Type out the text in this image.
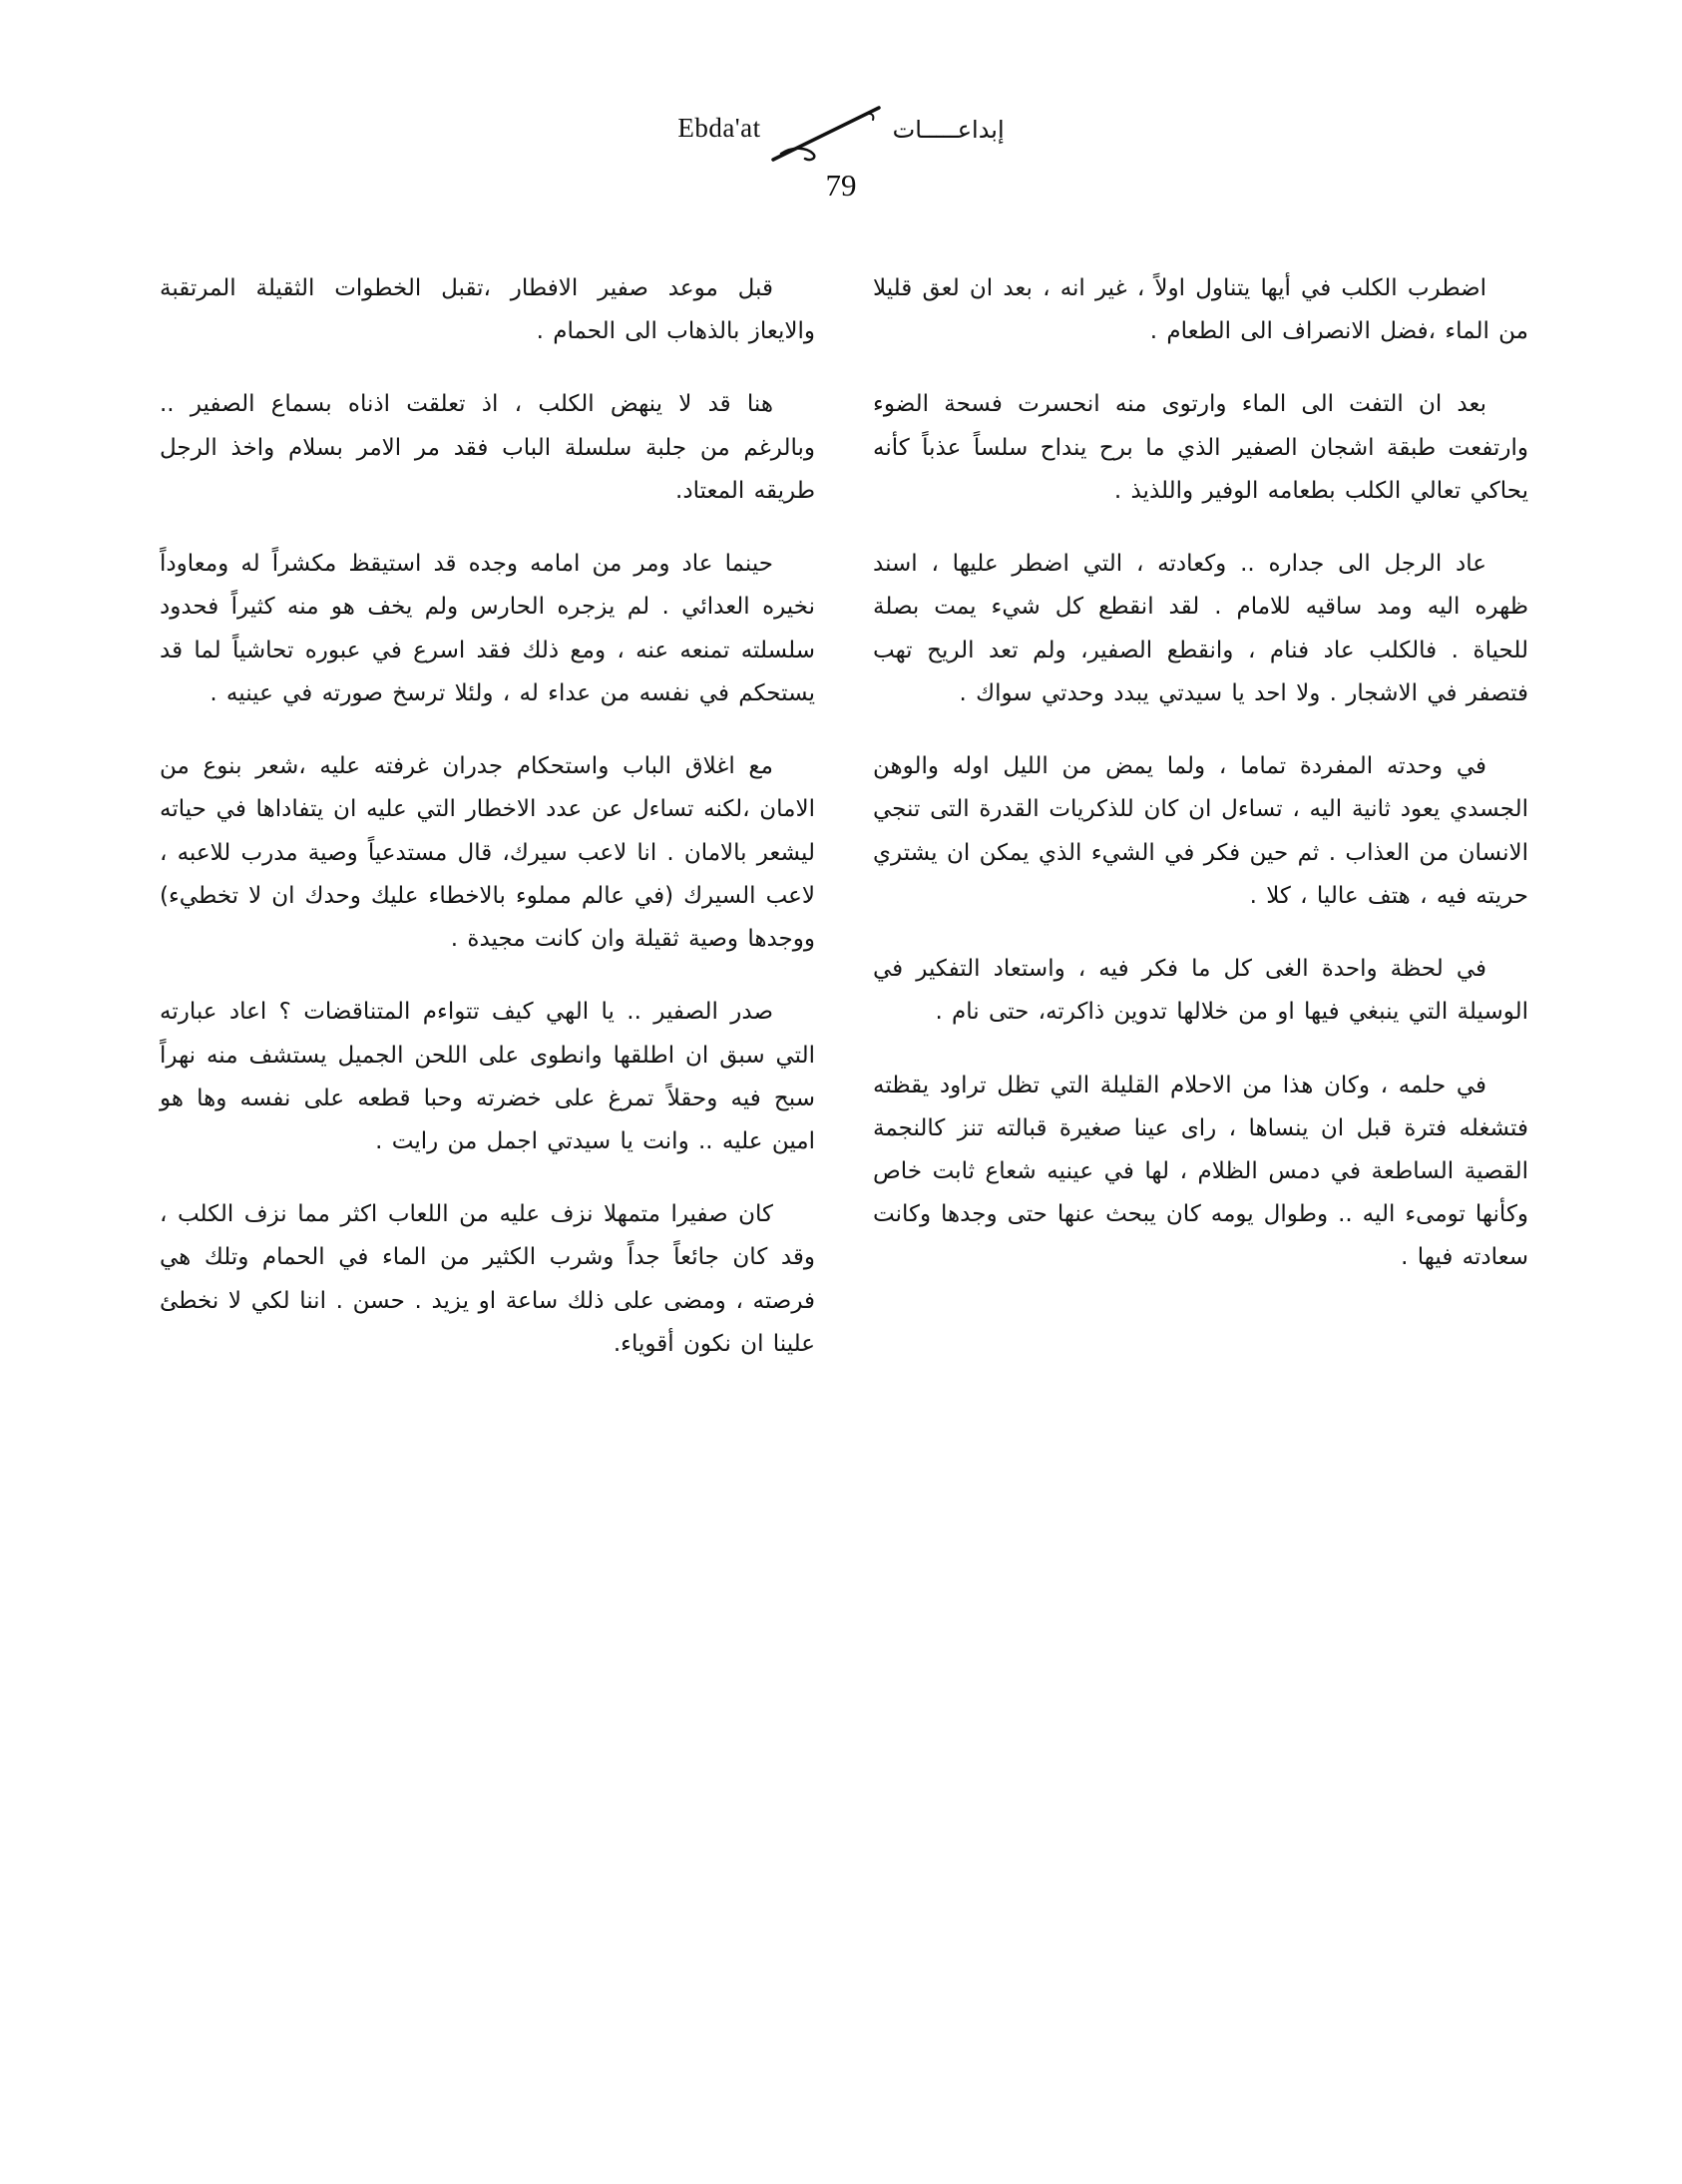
Ebda'at	إبداعـــــات
79

اضطرب الكلب في أيها يتناول اولاً ، غير انه ، بعد ان لعق قليلا من الماء ،فضل الانصراف الى الطعام .

بعد ان التفت الى الماء وارتوى منه انحسرت فسحة الضوء وارتفعت طبقة اشجان الصفير الذي ما برح ينداح سلساً عذباً كأنه يحاكي تعالي الكلب بطعامه الوفير واللذيذ .

عاد الرجل الى جداره .. وكعادته ، التي اضطر عليها ، اسند ظهره اليه ومد ساقيه للامام . لقد انقطع كل شيء يمت بصلة للحياة . فالكلب عاد فنام ، وانقطع الصفير، ولم تعد الريح تهب فتصفر في الاشجار . ولا احد يا سيدتي يبدد وحدتي سواك .

في وحدته المفردة تماما ، ولما يمض من الليل اوله والوهن الجسدي يعود ثانية اليه ، تساءل ان كان للذكريات القدرة التى تنجي الانسان من العذاب . ثم حين فكر في الشيء الذي يمكن ان يشتري حريته فيه ، هتف عاليا ، كلا .

في لحظة واحدة الغى كل ما فكر فيه ، واستعاد التفكير في الوسيلة التي ينبغي فيها او من خلالها تدوين ذاكرته، حتى نام .

في حلمه ، وكان هذا من الاحلام القليلة التي تظل تراود يقظته فتشغله فترة قبل ان ينساها ، راى عينا صغيرة قبالته تنز كالنجمة القصية الساطعة في دمس الظلام ، لها في عينيه شعاع ثابت خاص وكأنها تومىء اليه .. وطوال يومه كان يبحث عنها حتى وجدها وكانت سعادته فيها .

قبل موعد صفير الافطار ،تقبل الخطوات الثقيلة المرتقبة والايعاز بالذهاب الى الحمام .

هنا قد لا ينهض الكلب ، اذ تعلقت اذناه بسماع الصفير .. وبالرغم من جلبة سلسلة الباب فقد مر الامر بسلام واخذ الرجل طريقه المعتاد.

حينما عاد ومر من امامه وجده قد استيقظ مكشراً له ومعاوداً نخيره العدائي . لم يزجره الحارس ولم يخف هو منه كثيراً فحدود سلسلته تمنعه عنه ، ومع ذلك فقد اسرع في عبوره تحاشياً لما قد يستحكم في نفسه من عداء له ، ولئلا ترسخ صورته في عينيه .

مع اغلاق الباب واستحكام جدران غرفته عليه ،شعر بنوع من الامان ،لكنه تساءل عن عدد الاخطار التي عليه ان يتفاداها في حياته ليشعر بالامان . انا لاعب سيرك، قال مستدعياً وصية مدرب للاعبه ، لاعب السيرك (في عالم مملوء بالاخطاء عليك وحدك ان لا تخطيء) ووجدها وصية ثقيلة وان كانت مجيدة .

صدر الصفير .. يا الهي كيف تتواءم المتناقضات ؟ اعاد عبارته التي سبق ان اطلقها وانطوى على اللحن الجميل يستشف منه نهراً سبح فيه وحقلاً تمرغ على خضرته وحبا قطعه على نفسه وها هو امين عليه .. وانت يا سيدتي اجمل من رايت .

كان صفيرا متمهلا نزف عليه من اللعاب اكثر مما نزف الكلب ، وقد كان جائعاً جداً وشرب الكثير من الماء في الحمام وتلك هي فرصته ، ومضى على ذلك ساعة او يزيد . حسن . اننا لكي لا نخطئ علينا ان نكون أقوياء.
